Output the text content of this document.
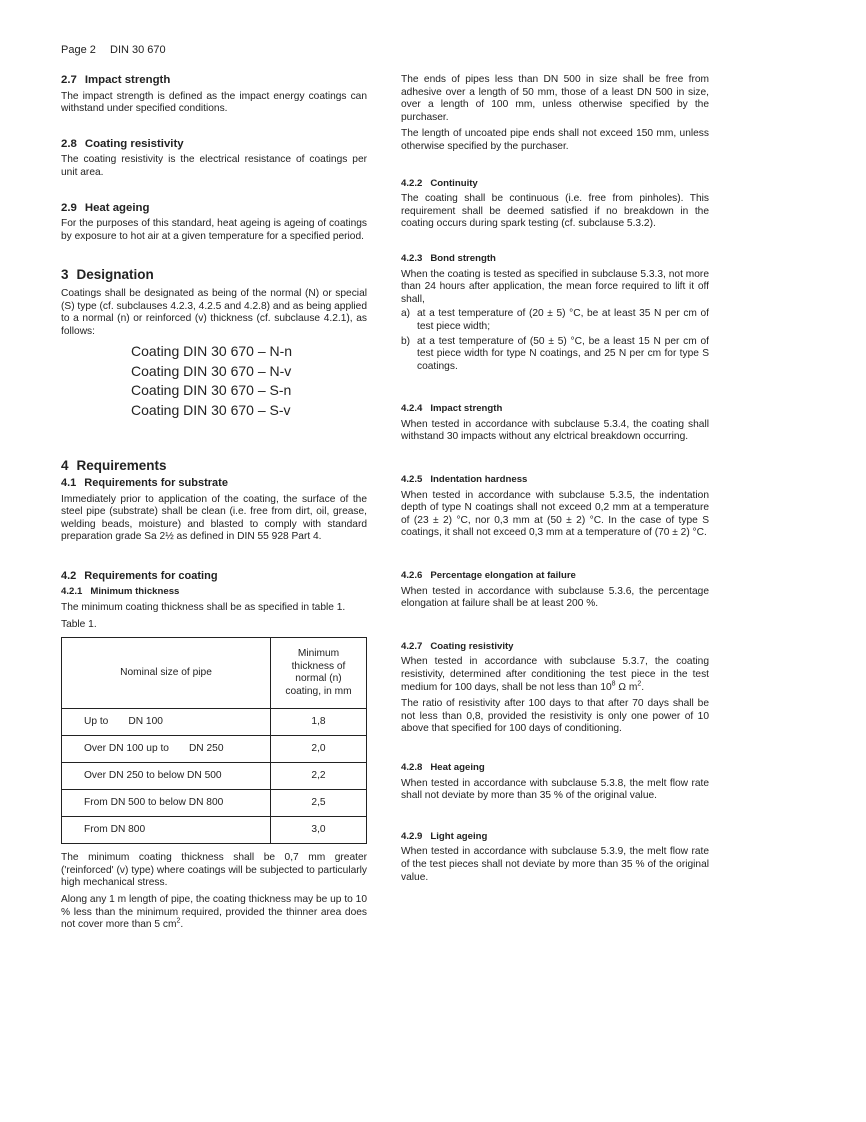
Page 2 DIN 30 670
2.7 Impact strength

The impact strength is defined as the impact energy coatings can withstand under specified conditions.

2.8 Coating resistivity

The coating resistivity is the electrical resistance of coatings per unit area.

2.9 Heat ageing

For the purposes of this standard, heat ageing is ageing of coatings by exposure to hot air at a given temperature for a specified period.

3 Designation

Coatings shall be designated as being of the normal (N) or special (S) type (cf. subclauses 4.2.3, 4.2.5 and 4.2.8) and as being applied to a normal (n) or reinforced (v) thickness (cf. subclause 4.2.1), as follows:

Coating DIN 30 670 – N-n
Coating DIN 30 670 – N-v
Coating DIN 30 670 – S-n
Coating DIN 30 670 – S-v
4 Requirements
4.1 Requirements for substrate

Immediately prior to application of the coating, the surface of the steel pipe (substrate) shall be clean (i.e. free from dirt, oil, grease, welding beads, moisture) and blasted to comply with standard preparation grade Sa 2½ as defined in DIN 55 928 Part 4.

4.2 Requirements for coating
4.2.1 Minimum thickness

The minimum coating thickness shall be as specified in table 1.

Table 1.

Nominal size of pipe	Minimum thickness of normal (n) coating, in mm
Up to DN 100	1,8
Over DN 100 up to DN 250	2,0
Over DN 250 to below DN 500	2,2
From DN 500 to below DN 800	2,5
From DN 800	3,0

The minimum coating thickness shall be 0,7 mm greater ('reinforced' (v) type) where coatings will be subjected to particularly high mechanical stress.

Along any 1 m length of pipe, the coating thickness may be up to 10 % less than the minimum required, provided the thinner area does not cover more than 5 $cm^2$.

The ends of pipes less than DN 500 in size shall be free from adhesive over a length of 50 mm, those of a least DN 500 in size, over a length of 100 mm, unless otherwise specified by the purchaser.

The length of uncoated pipe ends shall not exceed 150 mm, unless otherwise specified by the purchaser.

4.2.2 Continuity

The coating shall be continuous (i.e. free from pinholes). This requirement shall be deemed satisfied if no breakdown in the coating occurs during spark testing (cf. subclause 5.3.2).

4.2.3 Bond strength

When the coating is tested as specified in subclause 5.3.3, not more than 24 hours after application, the mean force required to lift it off shall,

a) at a test temperature of (20 ± 5) °C, be at least 35 N per cm of test piece width;
b) at a test temperature of (50 ± 5) °C, be a least 15 N per cm of test piece width for type N coatings, and 25 N per cm for type S coatings.
4.2.4 Impact strength

When tested in accordance with subclause 5.3.4, the coating shall withstand 30 impacts without any elctrical breakdown occurring.

4.2.5 Indentation hardness

When tested in accordance with subclause 5.3.5, the indentation depth of type N coatings shall not exceed 0,2 mm at a temperature of (23 ± 2) °C, nor 0,3 mm at (50 ± 2) °C. In the case of type S coatings, it shall not exceed 0,3 mm at a temperature of (70 ± 2) °C.

4.2.6 Percentage elongation at failure

When tested in accordance with subclause 5.3.6, the percentage elongation at failure shall be at least 200 %.

4.2.7 Coating resistivity

When tested in accordance with subclause 5.3.7, the coating resistivity, determined after conditioning the test piece in the test medium for 100 days, shall be not less than $10^8$ Ω $m^2$.

The ratio of resistivity after 100 days to that after 70 days shall be not less than 0,8, provided the resistivity is only one power of 10 above that specified for 100 days of conditioning.

4.2.8 Heat ageing

When tested in accordance with subclause 5.3.8, the melt flow rate shall not deviate by more than 35 % of the original value.

4.2.9 Light ageing

When tested in accordance with subclause 5.3.9, the melt flow rate of the test pieces shall not deviate by more than 35 % of the original value.
